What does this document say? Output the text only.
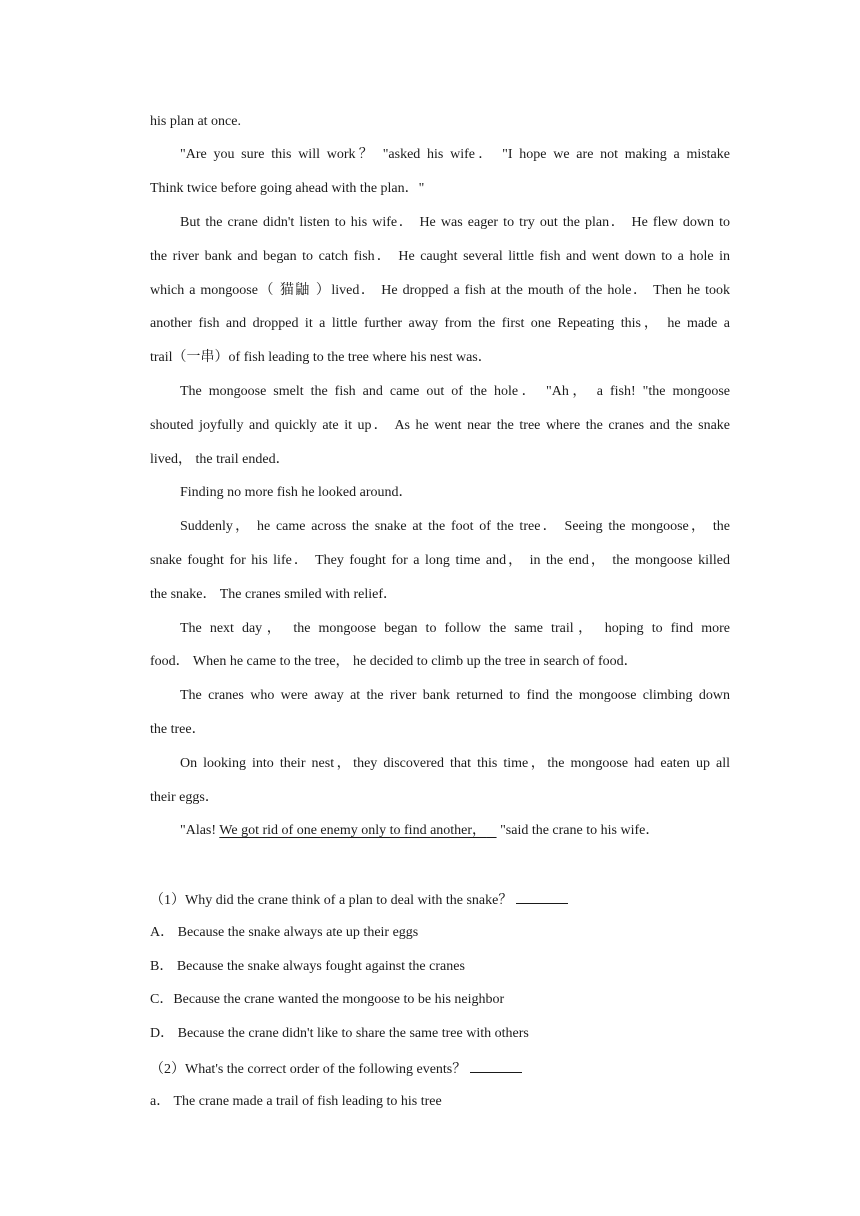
his plan at once.
"Are you sure this will work？ "asked his wife． "I hope we are not making a mistake
Think twice before going ahead with the plan．"
But the crane didn't listen to his wife． He was eager to try out the plan． He flew down to
the river bank and began to catch fish． He caught several little fish and went down to a hole in
which a mongoose（ 猫鼬 ）lived． He dropped a fish at the mouth of the hole． Then he took
another fish and dropped it a little further away from the first one Repeating this， he made a
trail（一串）of fish leading to the tree where his nest was．
The mongoose smelt the fish and came out of the hole． "Ah， a fish! "the mongoose
shouted joyfully and quickly ate it up． As he went near the tree where the cranes and the snake
lived， the trail ended．
Finding no more fish he looked around．
Suddenly， he came across the snake at the foot of the tree． Seeing the mongoose， the
snake fought for his life． They fought for a long time and， in the end， the mongoose killed
the snake． The cranes smiled with relief．
The next day， the mongoose began to follow the same trail， hoping to find more
food． When he came to the tree， he decided to climb up the tree in search of food．
The cranes who were away at the river bank returned to find the mongoose climbing down
the tree．
On looking into their nest，they discovered that this time，the mongoose had eaten up all
their eggs．
"Alas! We got rid of one enemy only to find another，    "said the crane to his wife．
（1）Why did the crane think of a plan to deal with the snake？
A． Because the snake always ate up their eggs
B． Because the snake always fought against the cranes
C．Because the crane wanted the mongoose to be his neighbor
D． Because the crane didn't like to share the same tree with others
（2）What's the correct order of the following events？
a． The crane made a trail of fish leading to his tree
